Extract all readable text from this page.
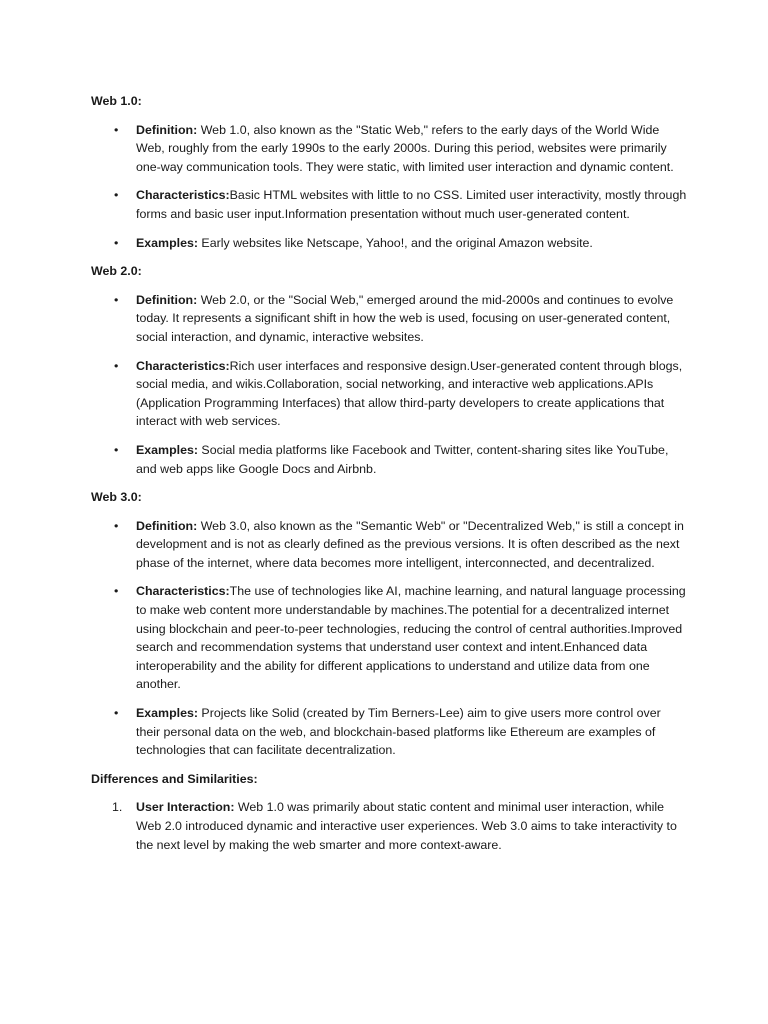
Web 1.0:
• Definition: Web 1.0, also known as the "Static Web," refers to the early days of the World Wide Web, roughly from the early 1990s to the early 2000s. During this period, websites were primarily one-way communication tools. They were static, with limited user interaction and dynamic content.
• Characteristics:Basic HTML websites with little to no CSS. Limited user interactivity, mostly through forms and basic user input.Information presentation without much user-generated content.
• Examples: Early websites like Netscape, Yahoo!, and the original Amazon website.
Web 2.0:
• Definition: Web 2.0, or the "Social Web," emerged around the mid-2000s and continues to evolve today. It represents a significant shift in how the web is used, focusing on user-generated content, social interaction, and dynamic, interactive websites.
• Characteristics:Rich user interfaces and responsive design.User-generated content through blogs, social media, and wikis.Collaboration, social networking, and interactive web applications.APIs (Application Programming Interfaces) that allow third-party developers to create applications that interact with web services.
• Examples: Social media platforms like Facebook and Twitter, content-sharing sites like YouTube, and web apps like Google Docs and Airbnb.
Web 3.0:
• Definition: Web 3.0, also known as the "Semantic Web" or "Decentralized Web," is still a concept in development and is not as clearly defined as the previous versions. It is often described as the next phase of the internet, where data becomes more intelligent, interconnected, and decentralized.
• Characteristics:The use of technologies like AI, machine learning, and natural language processing to make web content more understandable by machines.The potential for a decentralized internet using blockchain and peer-to-peer technologies, reducing the control of central authorities.Improved search and recommendation systems that understand user context and intent.Enhanced data interoperability and the ability for different applications to understand and utilize data from one another.
• Examples: Projects like Solid (created by Tim Berners-Lee) aim to give users more control over their personal data on the web, and blockchain-based platforms like Ethereum are examples of technologies that can facilitate decentralization.
Differences and Similarities:
1. User Interaction: Web 1.0 was primarily about static content and minimal user interaction, while Web 2.0 introduced dynamic and interactive user experiences. Web 3.0 aims to take interactivity to the next level by making the web smarter and more context-aware.
